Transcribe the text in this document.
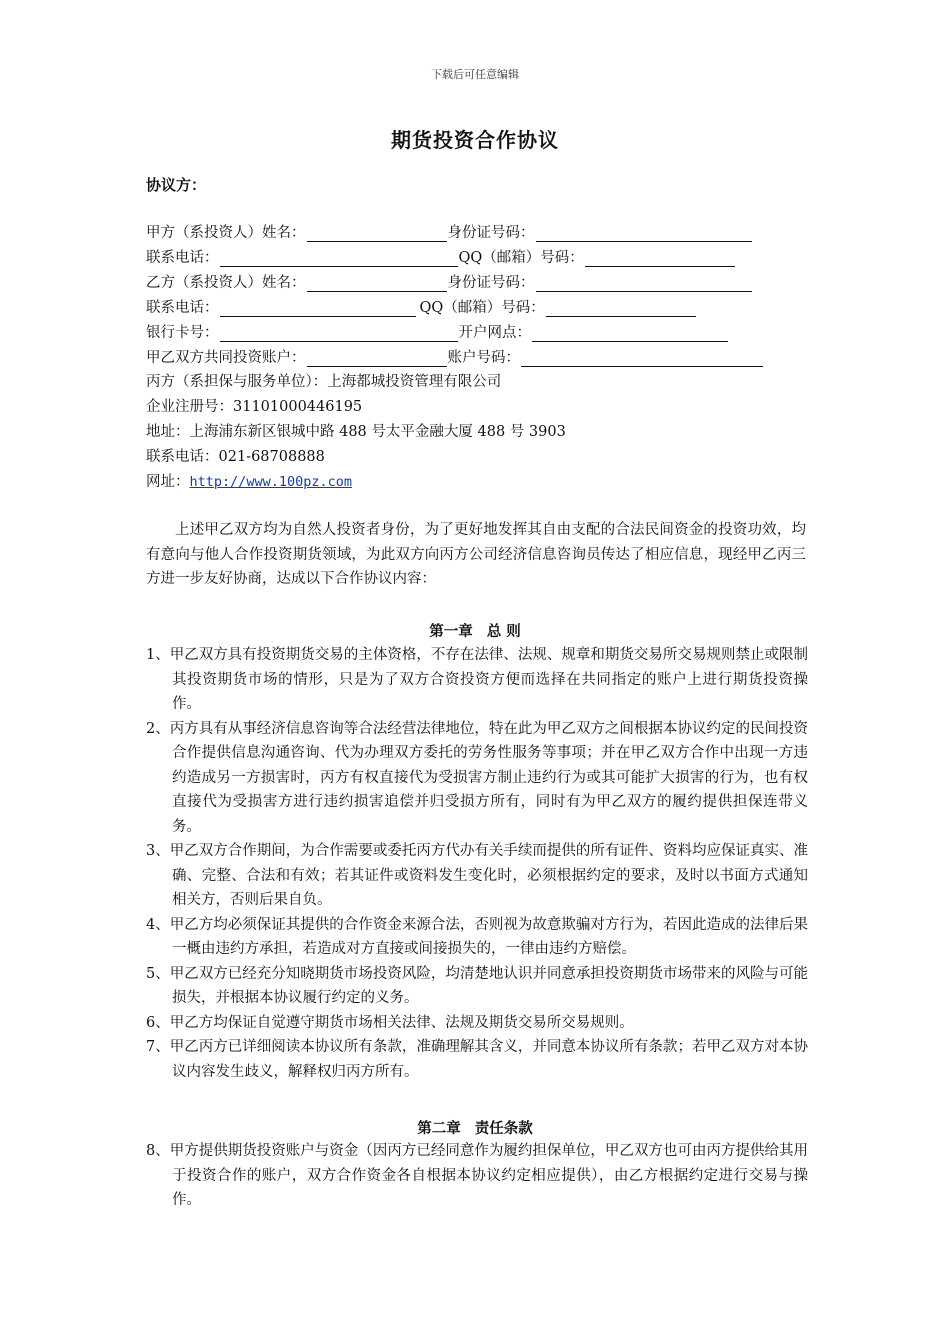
下载后可任意编辑
期货投资合作协议
协议方：
甲方（系投资人）姓名：	身份证号码：
联系电话：	QQ（邮箱）号码：
乙方（系投资人）姓名：	身份证号码：
联系电话：	QQ（邮箱）号码：
银行卡号：	开户网点：
甲乙双方共同投资账户：	账户号码：
丙方（系担保与服务单位）：上海都城投资管理有限公司
企业注册号：31101000446195
地址：上海浦东新区银城中路 488 号太平金融大厦 488 号 3903
联系电话：021-68708888
网址：http://www.100pz.com

上述甲乙双方均为自然人投资者身份，为了更好地发挥其自由支配的合法民间资金的投资功效，均有意向与他人合作投资期货领域，为此双方向丙方公司经济信息咨询员传达了相应信息，现经甲乙丙三方进一步友好协商，达成以下合作协议内容：

第一章 总 则
1、甲乙双方具有投资期货交易的主体资格，不存在法律、法规、规章和期货交易所交易规则禁止或限制其投资期货市场的情形，只是为了双方合资投资方便而选择在共同指定的账户上进行期货投资操作。
2、丙方具有从事经济信息咨询等合法经营法律地位，特在此为甲乙双方之间根据本协议约定的民间投资合作提供信息沟通咨询、代为办理双方委托的劳务性服务等事项；并在甲乙双方合作中出现一方违约造成另一方损害时，丙方有权直接代为受损害方制止违约行为或其可能扩大损害的行为，也有权直接代为受损害方进行违约损害追偿并归受损方所有，同时有为甲乙双方的履约提供担保连带义务。
3、甲乙双方合作期间，为合作需要或委托丙方代办有关手续而提供的所有证件、资料均应保证真实、准确、完整、合法和有效；若其证件或资料发生变化时，必须根据约定的要求，及时以书面方式通知相关方，否则后果自负。
4、甲乙方均必须保证其提供的合作资金来源合法，否则视为故意欺骗对方行为，若因此造成的法律后果一概由违约方承担，若造成对方直接或间接损失的，一律由违约方赔偿。
5、甲乙双方已经充分知晓期货市场投资风险，均清楚地认识并同意承担投资期货市场带来的风险与可能损失，并根据本协议履行约定的义务。
6、甲乙方均保证自觉遵守期货市场相关法律、法规及期货交易所交易规则。
7、甲乙丙方已详细阅读本协议所有条款，准确理解其含义，并同意本协议所有条款；若甲乙双方对本协议内容发生歧义，解释权归丙方所有。
第二章 责任条款
8、甲方提供期货投资账户与资金（因丙方已经同意作为履约担保单位，甲乙双方也可由丙方提供给其用于投资合作的账户，双方合作资金各自根据本协议约定相应提供），由乙方根据约定进行交易与操作。
